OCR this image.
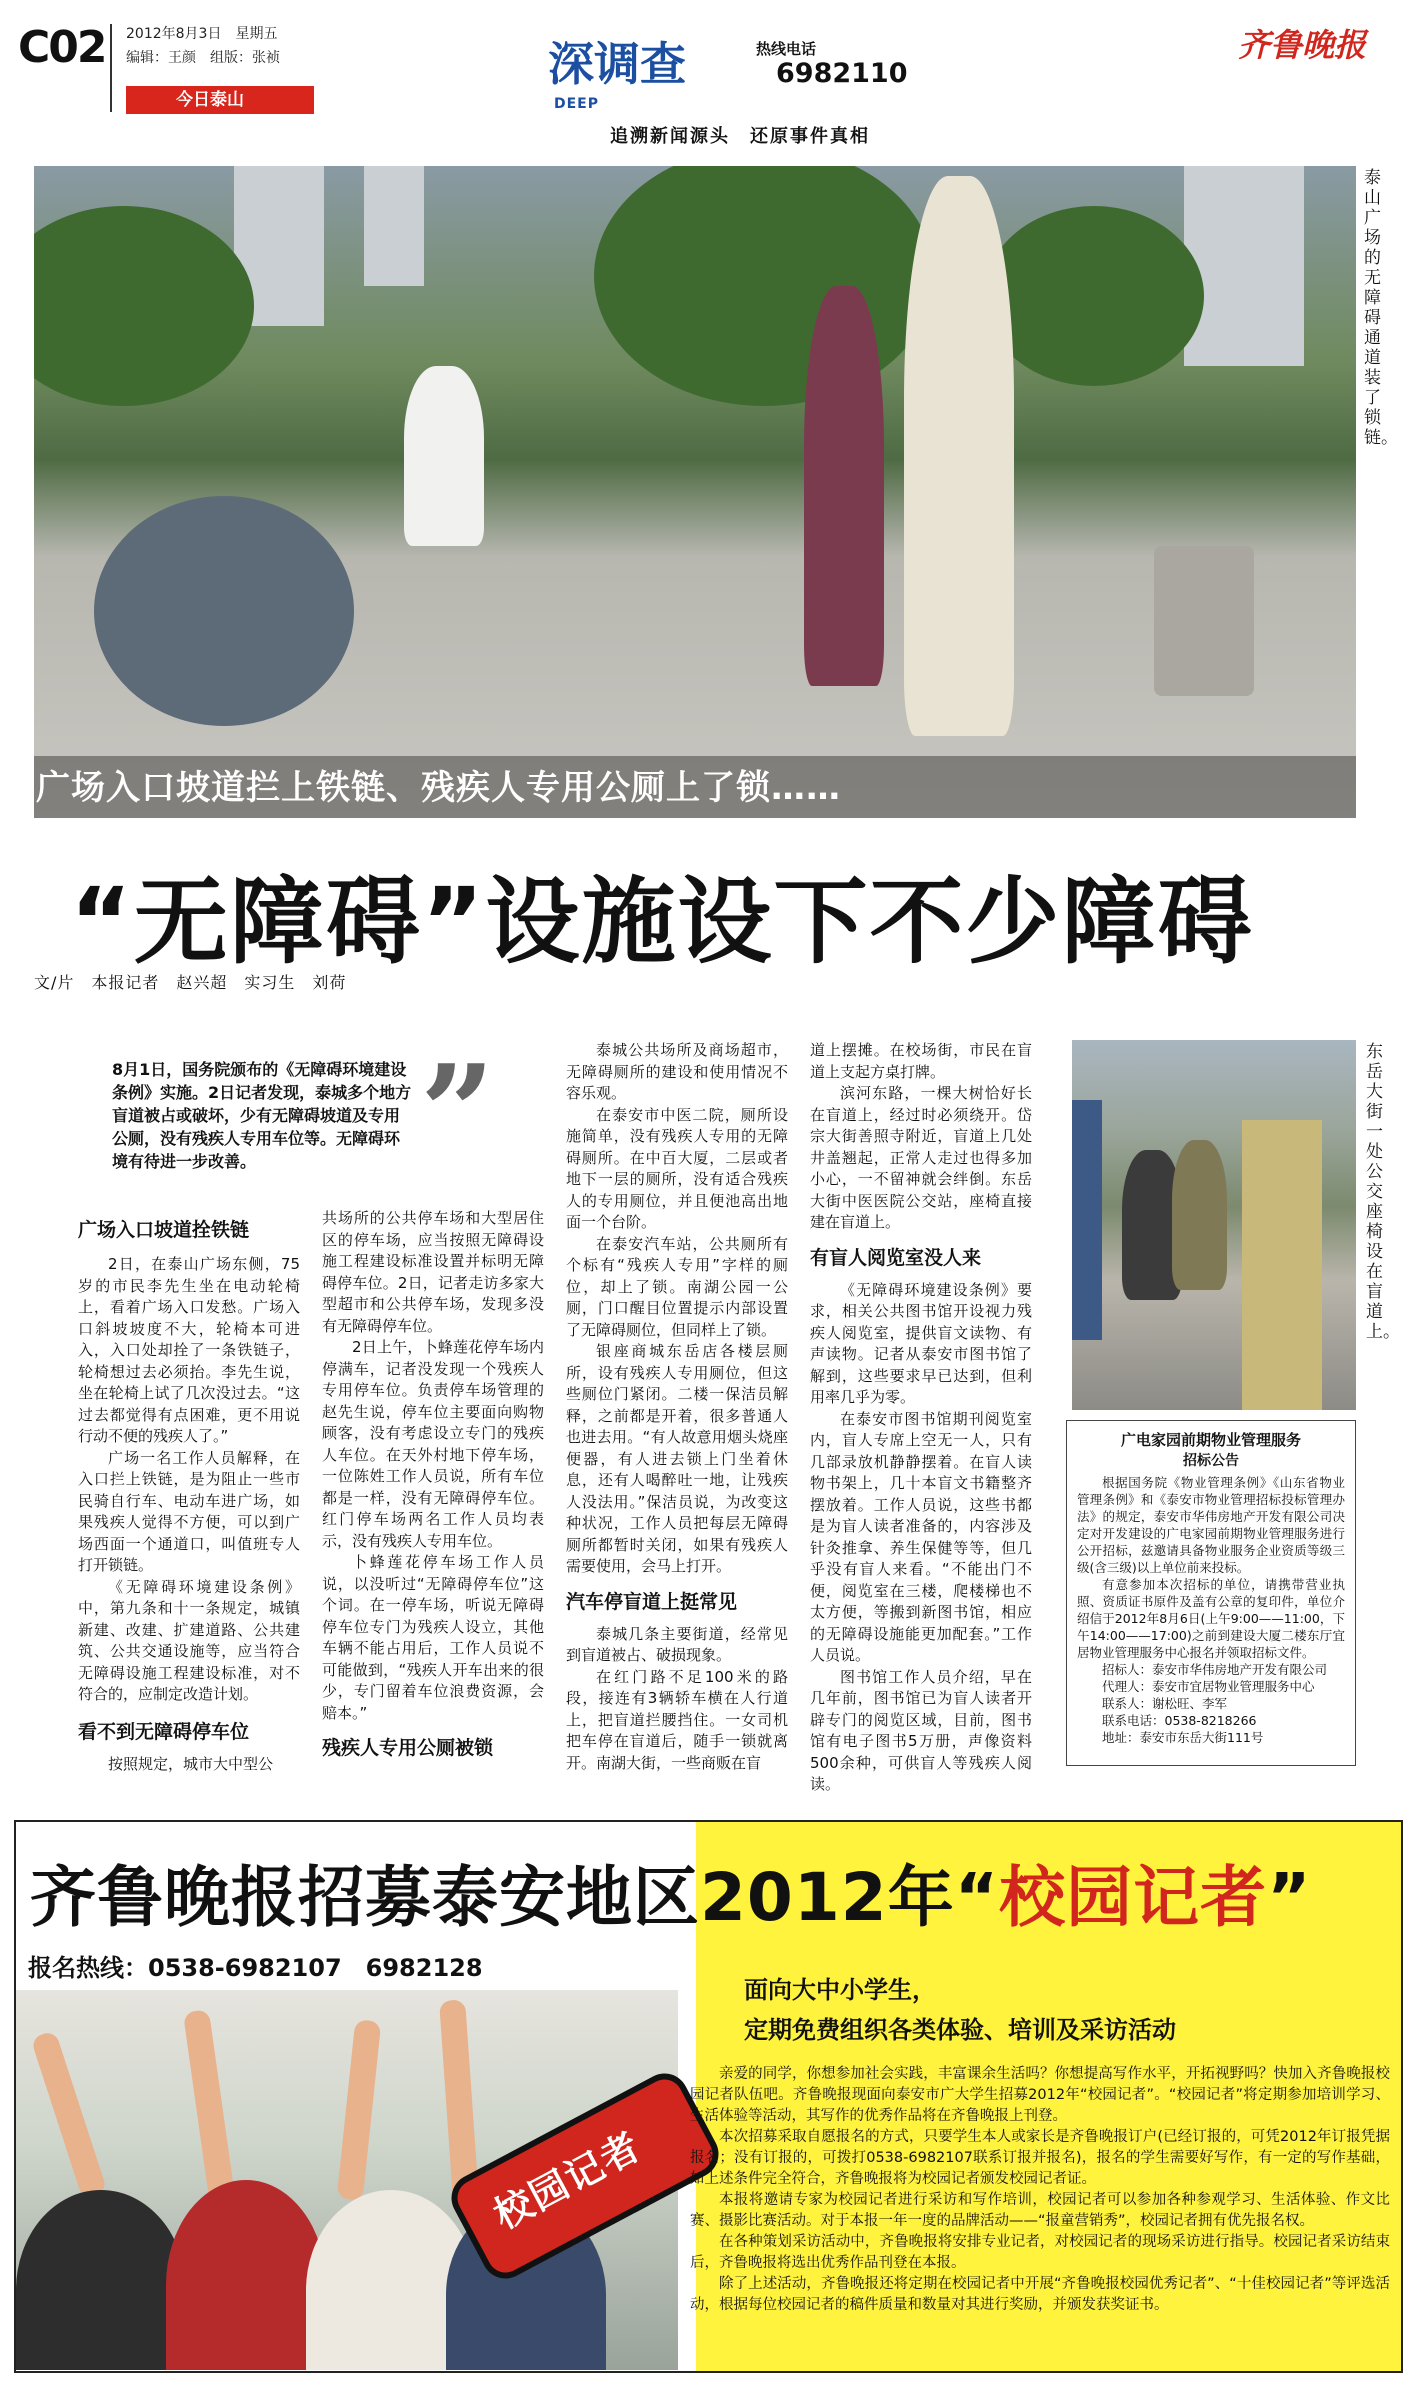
C02 2012年8月3日　星期五
编辑：王颜　组版：张祯
今日泰山
深调查
DEEP
热线电话
6982110
追溯新闻源头　还原事件真相
齐鲁晚报
广场入口坡道拦上铁链、残疾人专用公厕上了锁……
泰山广场的无障碍通道装了锁链。
“无障碍”设施设下不少障碍
文/片　本报记者　赵兴超　实习生　刘荷
8月1日，国务院颁布的《无障碍环境建设条例》实施。2日记者发现，泰城多个地方盲道被占或破坏，少有无障碍坡道及专用公厕，没有残疾人专用车位等。无障碍环境有待进一步改善。	”
广场入口坡道拴铁链

2日，在泰山广场东侧，75岁的市民李先生坐在电动轮椅上，看着广场入口发愁。广场入口斜坡坡度不大，轮椅本可进入，入口处却拴了一条铁链子，轮椅想过去必须抬。李先生说，坐在轮椅上试了几次没过去。“这过去都觉得有点困难，更不用说行动不便的残疾人了。”

广场一名工作人员解释，在入口拦上铁链，是为阻止一些市民骑自行车、电动车进广场，如果残疾人觉得不方便，可以到广场西面一个通道口，叫值班专人打开锁链。

《无障碍环境建设条例》中，第九条和十一条规定，城镇新建、改建、扩建道路、公共建筑、公共交通设施等，应当符合无障碍设施工程建设标准，对不符合的，应制定改造计划。

看不到无障碍停车位

按照规定，城市大中型公

共场所的公共停车场和大型居住区的停车场，应当按照无障碍设施工程建设标准设置并标明无障碍停车位。2日，记者走访多家大型超市和公共停车场，发现多没有无障碍停车位。

2日上午，卜蜂莲花停车场内停满车，记者没发现一个残疾人专用停车位。负责停车场管理的赵先生说，停车位主要面向购物顾客，没有考虑设立专门的残疾人车位。在天外村地下停车场，一位陈姓工作人员说，所有车位都是一样，没有无障碍停车位。红门停车场两名工作人员均表示，没有残疾人专用车位。

卜蜂莲花停车场工作人员说，以没听过“无障碍停车位”这个词。在一停车场，听说无障碍停车位专门为残疾人设立，其他车辆不能占用后，工作人员说不可能做到，“残疾人开车出来的很少，专门留着车位浪费资源，会赔本。”

残疾人专用公厕被锁

泰城公共场所及商场超市，无障碍厕所的建设和使用情况不容乐观。

在泰安市中医二院，厕所设施简单，没有残疾人专用的无障碍厕所。在中百大厦，二层或者地下一层的厕所，没有适合残疾人的专用厕位，并且便池高出地面一个台阶。

在泰安汽车站，公共厕所有个标有“残疾人专用”字样的厕位，却上了锁。南湖公园一公厕，门口醒目位置提示内部设置了无障碍厕位，但同样上了锁。

银座商城东岳店各楼层厕所，设有残疾人专用厕位，但这些厕位门紧闭。二楼一保洁员解释，之前都是开着，很多普通人也进去用。“有人故意用烟头烧座便器，有人进去锁上门坐着休息，还有人喝醉吐一地，让残疾人没法用。”保洁员说，为改变这种状况，工作人员把每层无障碍厕所都暂时关闭，如果有残疾人需要使用，会马上打开。

汽车停盲道上挺常见

泰城几条主要街道，经常见到盲道被占、破损现象。

在红门路不足100米的路段，接连有3辆轿车横在人行道上，把盲道拦腰挡住。一女司机把车停在盲道后，随手一锁就离开。南湖大街，一些商贩在盲

道上摆摊。在校场街，市民在盲道上支起方桌打牌。

滨河东路，一棵大树恰好长在盲道上，经过时必须绕开。岱宗大街善照寺附近，盲道上几处井盖翘起，正常人走过也得多加小心，一不留神就会绊倒。东岳大街中医医院公交站，座椅直接建在盲道上。

有盲人阅览室没人来

《无障碍环境建设条例》要求，相关公共图书馆开设视力残疾人阅览室，提供盲文读物、有声读物。记者从泰安市图书馆了解到，这些要求早已达到，但利用率几乎为零。

在泰安市图书馆期刊阅览室内，盲人专席上空无一人，只有几部录放机静静摆着。在盲人读物书架上，几十本盲文书籍整齐摆放着。工作人员说，这些书都是为盲人读者准备的，内容涉及针灸推拿、养生保健等等，但几乎没有盲人来看。“不能出门不便，阅览室在三楼，爬楼梯也不太方便，等搬到新图书馆，相应的无障碍设施能更加配套。”工作人员说。

图书馆工作人员介绍，早在几年前，图书馆已为盲人读者开辟专门的阅览区域，目前，图书馆有电子图书5万册，声像资料500余种，可供盲人等残疾人阅读。

东岳大街一处公交座椅设在盲道上。
广电家园前期物业管理服务
招标公告

根据国务院《物业管理条例》《山东省物业管理条例》和《泰安市物业管理招标投标管理办法》的规定，泰安市华伟房地产开发有限公司决定对开发建设的广电家园前期物业管理服务进行公开招标，兹邀请具备物业服务企业资质等级三级(含三级)以上单位前来投标。

有意参加本次招标的单位，请携带营业执照、资质证书原件及盖有公章的复印件，单位介绍信于2012年8月6日(上午9:00——11:00，下午14:00——17:00)之前到建设大厦二楼东厅宜居物业管理服务中心报名并领取招标文件。

招标人：泰安市华伟房地产开发有限公司
代理人：泰安市宜居物业管理服务中心
联系人：谢松旺、李军
联系电话：0538-8218266
地址：泰安市东岳大街111号
齐鲁晚报招募泰安地区2012年“校园记者”
报名热线：0538-6982107　6982128
校园记者
面向大中小学生，
定期免费组织各类体验、培训及采访活动

亲爱的同学，你想参加社会实践，丰富课余生活吗？你想提高写作水平，开拓视野吗？快加入齐鲁晚报校园记者队伍吧。齐鲁晚报现面向泰安市广大学生招募2012年“校园记者”。“校园记者”将定期参加培训学习、生活体验等活动，其写作的优秀作品将在齐鲁晚报上刊登。

本次招募采取自愿报名的方式，只要学生本人或家长是齐鲁晚报订户(已经订报的，可凭2012年订报凭据报名；没有订报的，可拨打0538-6982107联系订报并报名)，报名的学生需要好写作，有一定的写作基础，如上述条件完全符合，齐鲁晚报将为校园记者颁发校园记者证。

本报将邀请专家为校园记者进行采访和写作培训，校园记者可以参加各种参观学习、生活体验、作文比赛、摄影比赛活动。对于本报一年一度的品牌活动——“报童营销秀”，校园记者拥有优先报名权。

在各种策划采访活动中，齐鲁晚报将安排专业记者，对校园记者的现场采访进行指导。校园记者采访结束后，齐鲁晚报将选出优秀作品刊登在本报。

除了上述活动，齐鲁晚报还将定期在校园记者中开展“齐鲁晚报校园优秀记者”、“十佳校园记者”等评选活动，根据每位校园记者的稿件质量和数量对其进行奖励，并颁发获奖证书。
